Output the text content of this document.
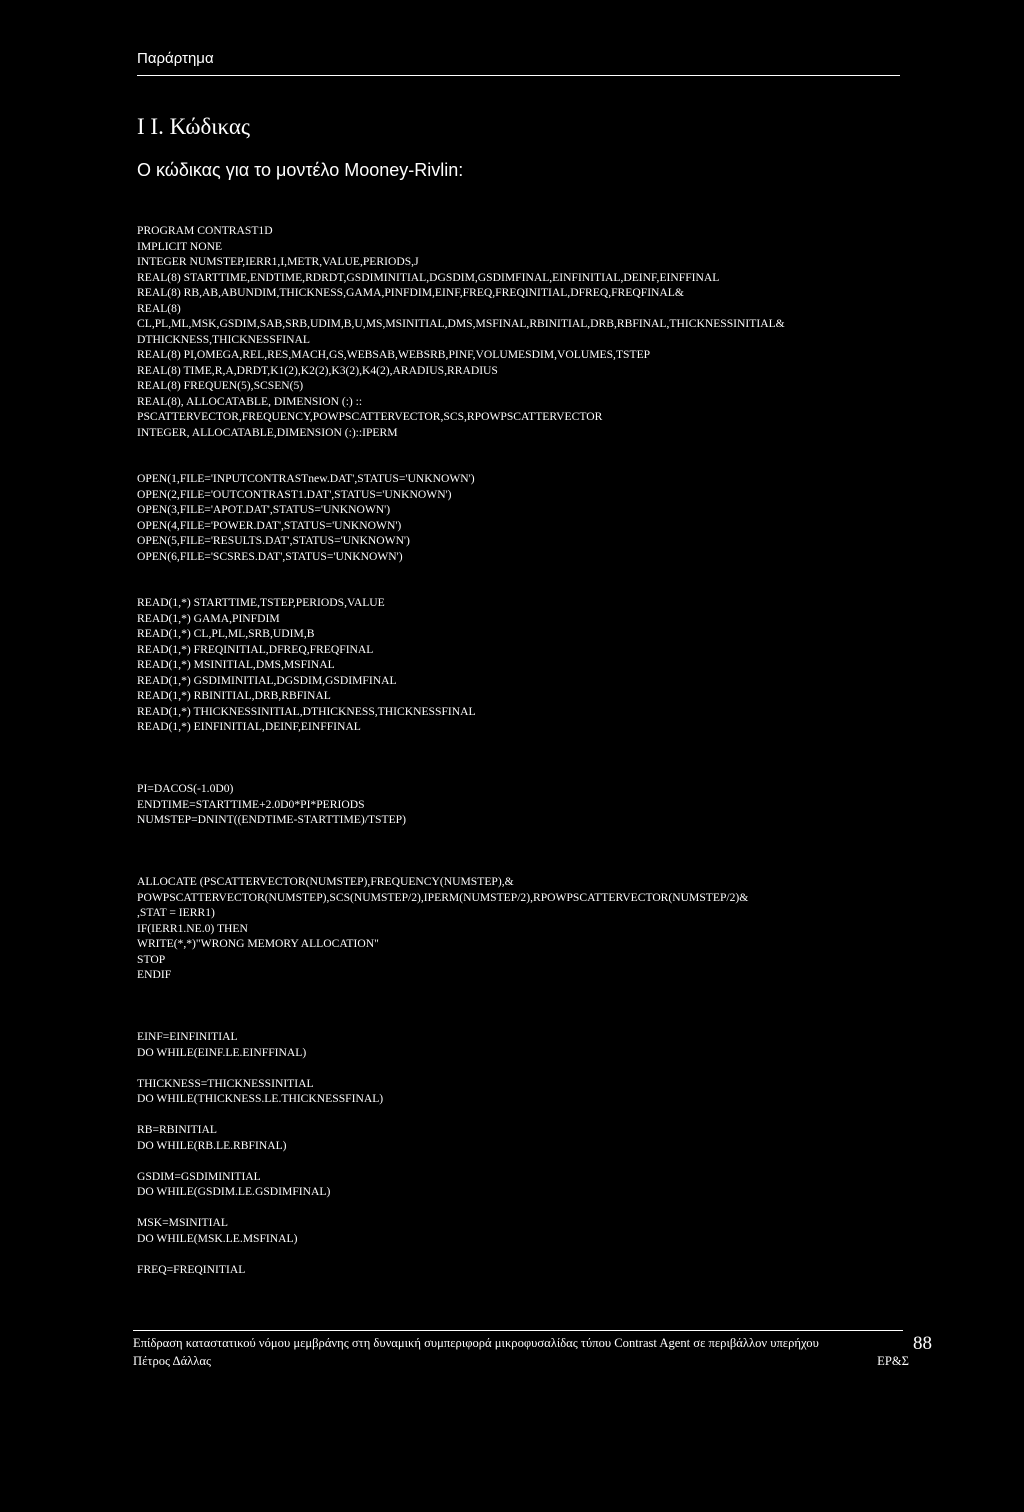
Παράρτημα
Ι Ι. Κώδικας
Ο κώδικας για το μοντέλο Mooney-Rivlin:
PROGRAM CONTRAST1D
IMPLICIT NONE
INTEGER NUMSTEP,IERR1,I,METR,VALUE,PERIODS,J
REAL(8) STARTTIME,ENDTIME,RDRDT,GSDIMINITIAL,DGSDIM,GSDIMFINAL,EINFINITIAL,DEINF,EINFFINAL
REAL(8) RB,AB,ABUNDIM,THICKNESS,GAMA,PINFDIM,EINF,FREQ,FREQINITIAL,DFREQ,FREQFINAL&
REAL(8)
CL,PL,ML,MSK,GSDIM,SAB,SRB,UDIM,B,U,MS,MSINITIAL,DMS,MSFINAL,RBINITIAL,DRB,RBFINAL,THICKNESSINITIAL&
DTHICKNESS,THICKNESSFINAL
REAL(8) PI,OMEGA,REL,RES,MACH,GS,WEBSAB,WEBSRB,PINF,VOLUMESDIM,VOLUMES,TSTEP
REAL(8) TIME,R,A,DRDT,K1(2),K2(2),K3(2),K4(2),ARADIUS,RRADIUS
REAL(8) FREQUEN(5),SCSEN(5)
REAL(8), ALLOCATABLE, DIMENSION (:) ::
PSCATTERVECTOR,FREQUENCY,POWPSCATTERVECTOR,SCS,RPOWPSCATTERVECTOR
INTEGER, ALLOCATABLE,DIMENSION (:)::IPERM
OPEN(1,FILE='INPUTCONTRASTnew.DAT',STATUS='UNKNOWN')
OPEN(2,FILE='OUTCONTRAST1.DAT',STATUS='UNKNOWN')
OPEN(3,FILE='APOT.DAT',STATUS='UNKNOWN')
OPEN(4,FILE='POWER.DAT',STATUS='UNKNOWN')
OPEN(5,FILE='RESULTS.DAT',STATUS='UNKNOWN')
OPEN(6,FILE='SCSRES.DAT',STATUS='UNKNOWN')
READ(1,*) STARTTIME,TSTEP,PERIODS,VALUE
READ(1,*) GAMA,PINFDIM
READ(1,*) CL,PL,ML,SRB,UDIM,B
READ(1,*) FREQINITIAL,DFREQ,FREQFINAL
READ(1,*) MSINITIAL,DMS,MSFINAL
READ(1,*) GSDIMINITIAL,DGSDIM,GSDIMFINAL
READ(1,*) RBINITIAL,DRB,RBFINAL
READ(1,*) THICKNESSINITIAL,DTHICKNESS,THICKNESSFINAL
READ(1,*) EINFINITIAL,DEINF,EINFFINAL
PI=DACOS(-1.0D0)
ENDTIME=STARTTIME+2.0D0*PI*PERIODS
NUMSTEP=DNINT((ENDTIME-STARTTIME)/TSTEP)
ALLOCATE (PSCATTERVECTOR(NUMSTEP),FREQUENCY(NUMSTEP),&
POWPSCATTERVECTOR(NUMSTEP),SCS(NUMSTEP/2),IPERM(NUMSTEP/2),RPOWPSCATTERVECTOR(NUMSTEP/2)&
,STAT = IERR1)
IF(IERR1.NE.0) THEN
WRITE(*,*)"WRONG MEMORY ALLOCATION"
STOP
ENDIF
EINF=EINFINITIAL
DO WHILE(EINF.LE.EINFFINAL)
THICKNESS=THICKNESSINITIAL
DO WHILE(THICKNESS.LE.THICKNESSFINAL)
RB=RBINITIAL
DO WHILE(RB.LE.RBFINAL)
GSDIM=GSDIMINITIAL
DO WHILE(GSDIM.LE.GSDIMFINAL)
MSK=MSINITIAL
DO WHILE(MSK.LE.MSFINAL)
FREQ=FREQINITIAL
Επίδραση καταστατικού νόμου μεμβράνης στη δυναμική συμπεριφορά μικροφυσαλίδας τύπου Contrast Agent σε περιβάλλον υπερήχου
Πέτρος Δάλλας	ΕΡ&Σ
88
